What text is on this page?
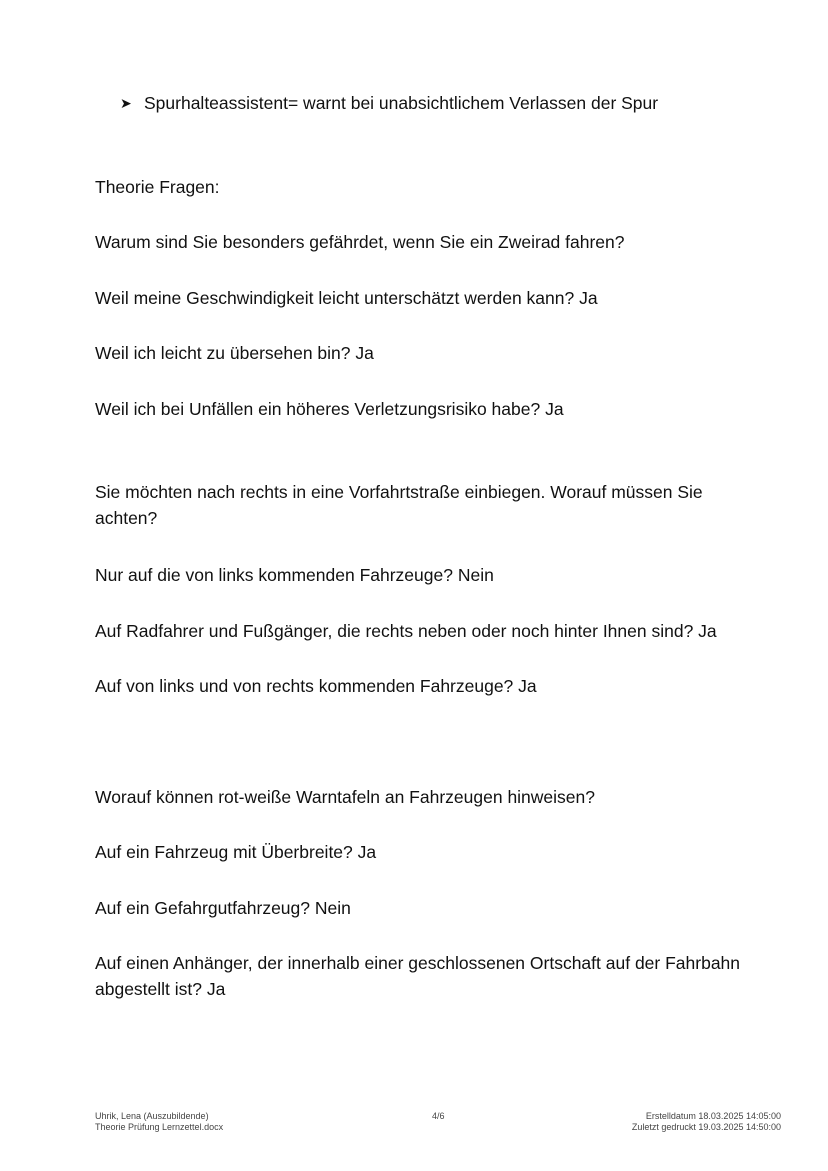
➤ Spurhalteassistent= warnt bei unabsichtlichem Verlassen der Spur
Theorie Fragen:
Warum sind Sie besonders gefährdet, wenn Sie ein Zweirad fahren?
Weil meine Geschwindigkeit leicht unterschätzt werden kann? Ja
Weil ich leicht zu übersehen bin? Ja
Weil ich bei Unfällen ein höheres Verletzungsrisiko habe? Ja
Sie möchten nach rechts in eine Vorfahrtstraße einbiegen. Worauf müssen Sie achten?
Nur auf die von links kommenden Fahrzeuge? Nein
Auf Radfahrer und Fußgänger, die rechts neben oder noch hinter Ihnen sind? Ja
Auf von links und von rechts kommenden Fahrzeuge? Ja
Worauf können rot-weiße Warntafeln an Fahrzeugen hinweisen?
Auf ein Fahrzeug mit Überbreite? Ja
Auf ein Gefahrgutfahrzeug? Nein
Auf einen Anhänger, der innerhalb einer geschlossenen Ortschaft auf der Fahrbahn abgestellt ist? Ja
Uhrik, Lena (Auszubildende)
Theorie Prüfung Lernzettel.docx
4/6	Erstelldatum 18.03.2025 14:05:00
Zuletzt gedruckt 19.03.2025 14:50:00
